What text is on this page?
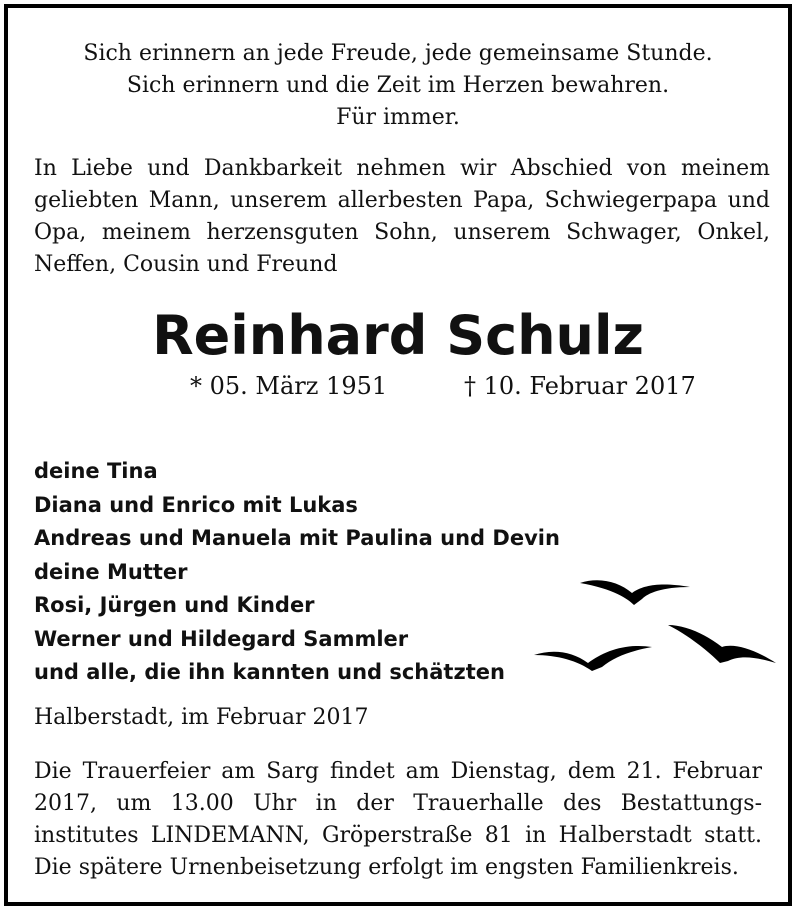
Sich erinnern an jede Freude, jede gemeinsame Stunde.
Sich erinnern und die Zeit im Herzen bewahren.
Für immer.
In Liebe und Dankbarkeit nehmen wir Abschied von meinem
geliebten Mann, unserem allerbesten Papa, Schwiegerpapa und
Opa, meinem herzensguten Sohn, unserem Schwager, Onkel,
Neffen, Cousin und Freund
Reinhard Schulz
* 05. März 1951	† 10. Februar 2017
deine Tina
Diana und Enrico mit Lukas
Andreas und Manuela mit Paulina und Devin
deine Mutter
Rosi, Jürgen und Kinder
Werner und Hildegard Sammler
und alle, die ihn kannten und schätzten
Halberstadt, im Februar 2017
Die Trauerfeier am Sarg findet am Dienstag, dem 21. Februar
2017, um 13.00 Uhr in der Trauerhalle des Bestattungs-
institutes LINDEMANN, Gröperstraße 81 in Halberstadt statt.
Die spätere Urnenbeisetzung erfolgt im engsten Familienkreis.
